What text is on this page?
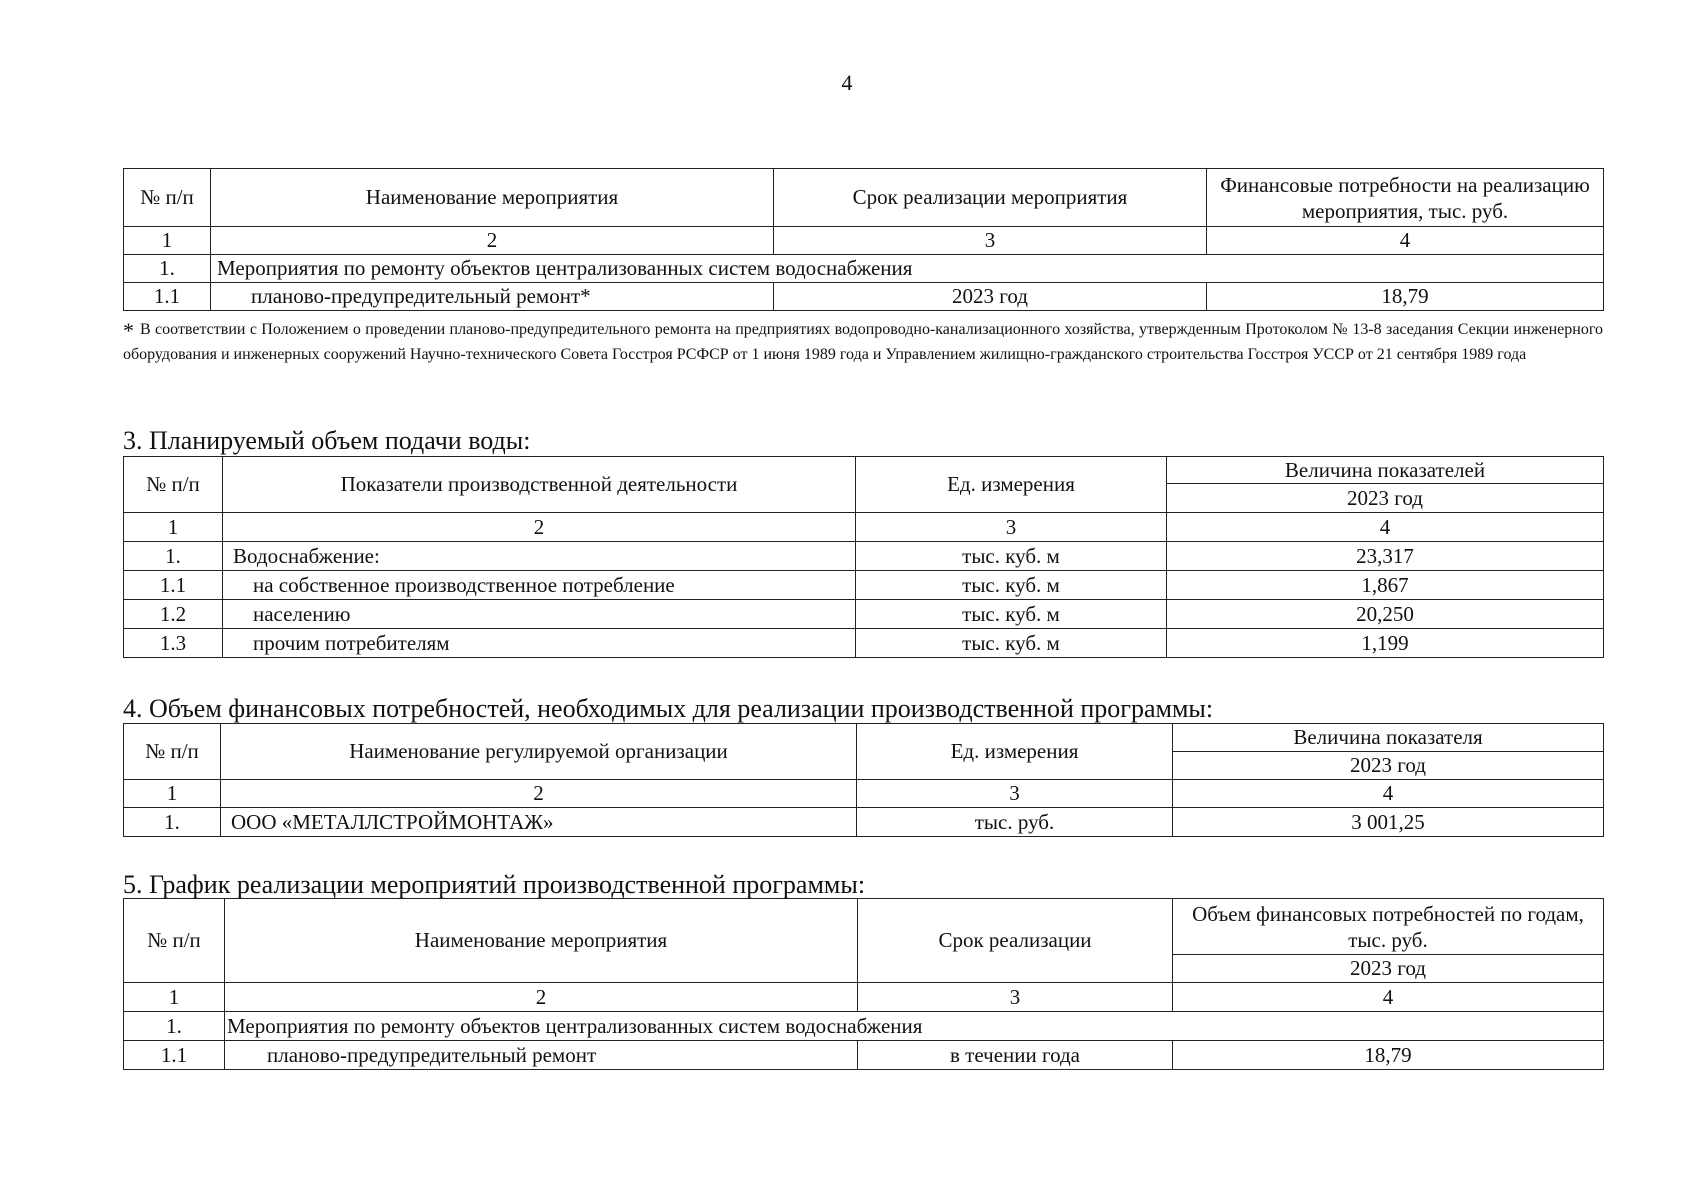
4
№ п/п	Наименование мероприятия	Срок реализации мероприятия	Финансовые потребности на реализацию мероприятия, тыс. руб.
1	2	3	4
1.	Мероприятия по ремонту объектов централизованных систем водоснабжения		
1.1	планово-предупредительный ремонт*	2023 год	18,79
* В соответствии с Положением о проведении планово-предупредительного ремонта на предприятиях водопроводно-канализационного хозяйства, утвержденным Протоколом № 13-8 заседания Секции инженерного оборудования и инженерных сооружений Научно-технического Совета Госстроя РСФСР от 1 июня 1989 года и Управлением жилищно-гражданского строительства Госстроя УССР от 21 сентября 1989 года
3. Планируемый объем подачи воды:
№ п/п	Показатели производственной деятельности	Ед. измерения	Величина показателей
			2023 год
1	2	3	4
1.	Водоснабжение:	тыс. куб. м	23,317
1.1	на собственное производственное потребление	тыс. куб. м	1,867
1.2	населению	тыс. куб. м	20,250
1.3	прочим потребителям	тыс. куб. м	1,199
4. Объем финансовых потребностей, необходимых для реализации производственной программы:
№ п/п	Наименование регулируемой организации	Ед. измерения	Величина показателя
			2023 год
1	2	3	4
1.	ООО «МЕТАЛЛСТРОЙМОНТАЖ»	тыс. руб.	3 001,25
5. График реализации мероприятий производственной программы:
№ п/п	Наименование мероприятия	Срок реализации	Объем финансовых потребностей по годам, тыс. руб.
			2023 год
1	2	3	4
1.	Мероприятия по ремонту объектов централизованных систем водоснабжения		
1.1	планово-предупредительный ремонт	в течении года	18,79
